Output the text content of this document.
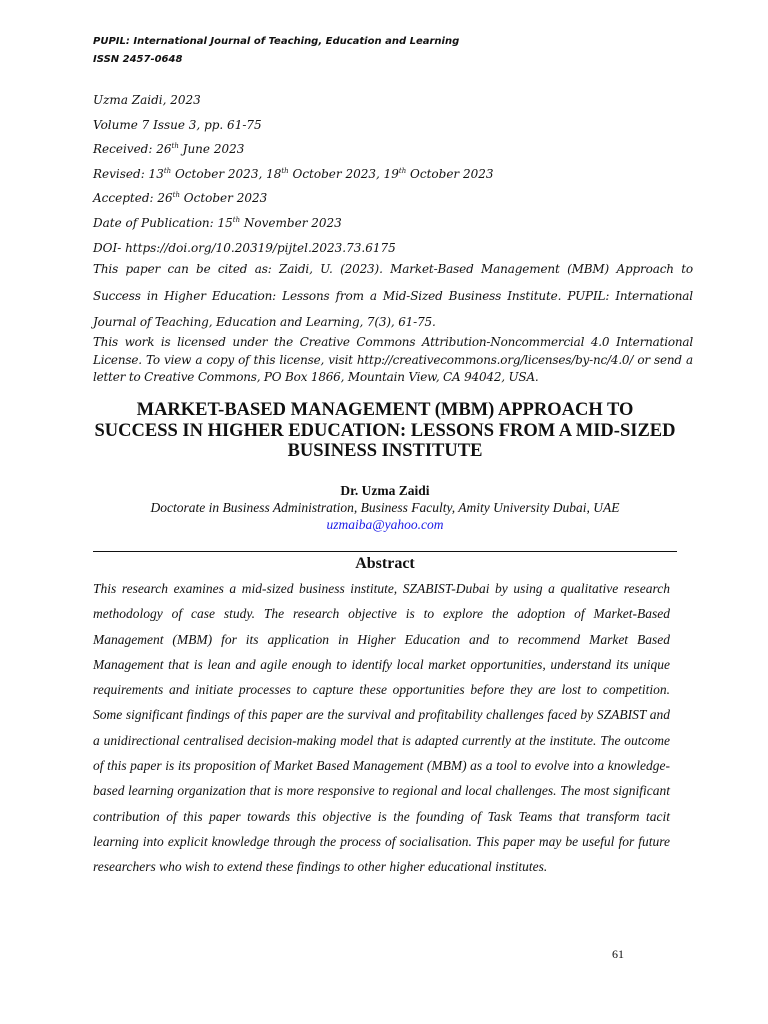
PUPIL: International Journal of Teaching, Education and Learning
ISSN 2457-0648
Uzma Zaidi, 2023
Volume 7 Issue 3, pp. 61-75
Received: 26th June 2023
Revised: 13th October 2023, 18th October 2023, 19th October 2023
Accepted: 26th October 2023
Date of Publication: 15th November 2023
DOI- https://doi.org/10.20319/pijtel.2023.73.6175
This paper can be cited as: Zaidi, U. (2023). Market-Based Management (MBM) Approach to Success in Higher Education: Lessons from a Mid-Sized Business Institute. PUPIL: International Journal of Teaching, Education and Learning, 7(3), 61-75.
This work is licensed under the Creative Commons Attribution-Noncommercial 4.0 International License. To view a copy of this license, visit http://creativecommons.org/licenses/by-nc/4.0/ or send a letter to Creative Commons, PO Box 1866, Mountain View, CA 94042, USA.
MARKET-BASED MANAGEMENT (MBM) APPROACH TO SUCCESS IN HIGHER EDUCATION: LESSONS FROM A MID-SIZED BUSINESS INSTITUTE
Dr. Uzma Zaidi
Doctorate in Business Administration, Business Faculty, Amity University Dubai, UAE
uzmaiba@yahoo.com
Abstract
This research examines a mid-sized business institute, SZABIST-Dubai by using a qualitative research methodology of case study. The research objective is to explore the adoption of Market-Based Management (MBM) for its application in Higher Education and to recommend Market Based Management that is lean and agile enough to identify local market opportunities, understand its unique requirements and initiate processes to capture these opportunities before they are lost to competition. Some significant findings of this paper are the survival and profitability challenges faced by SZABIST and a unidirectional centralised decision-making model that is adapted currently at the institute. The outcome of this paper is its proposition of Market Based Management (MBM) as a tool to evolve into a knowledge-based learning organization that is more responsive to regional and local challenges. The most significant contribution of this paper towards this objective is the founding of Task Teams that transform tacit learning into explicit knowledge through the process of socialisation. This paper may be useful for future researchers who wish to extend these findings to other higher educational institutes.
61
